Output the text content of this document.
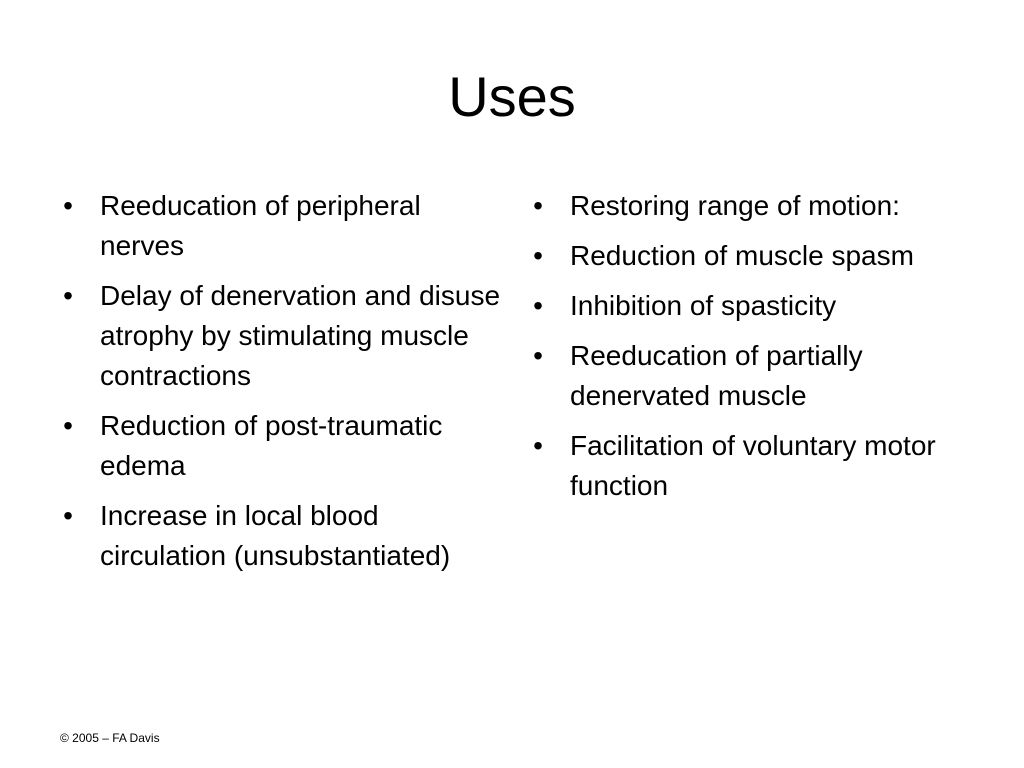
Uses
• Reeducation of peripheral nerves
• Delay of denervation and disuse atrophy by stimulating muscle contractions
• Reduction of post-traumatic edema
• Increase in local blood circulation (unsubstantiated)
• Restoring range of motion:
• Reduction of muscle spasm
• Inhibition of spasticity
• Reeducation of partially denervated muscle
• Facilitation of voluntary motor function
© 2005 – FA Davis
